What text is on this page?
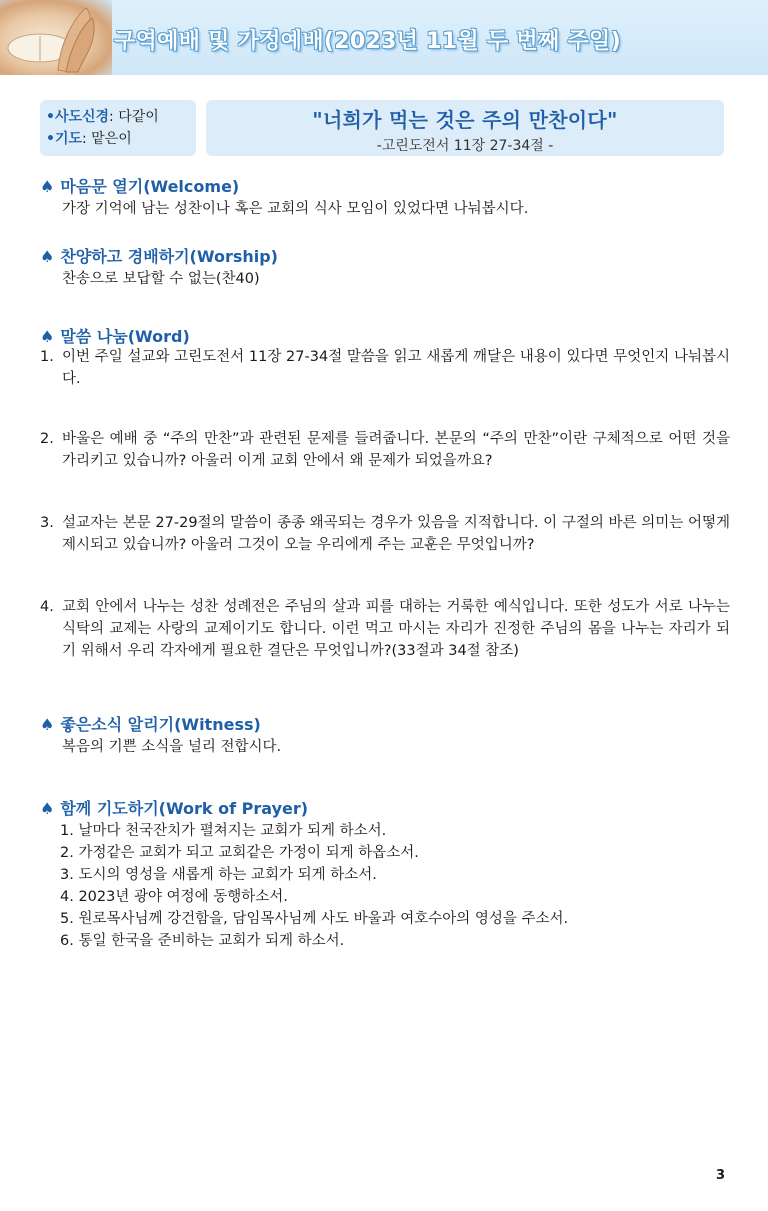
구역예배 및 가정예배(2023년 11월 두 번째 주일)
•사도신경: 다같이
•기도: 맡은이
"너희가 먹는 것은 주의 만찬이다"
-고린도전서 11장 27-34절 -
♠ 마음문 열기(Welcome)
가장 기억에 남는 성찬이나 혹은 교회의 식사 모임이 있었다면 나눠봅시다.
♠ 찬양하고 경배하기(Worship)
찬송으로 보답할 수 없는(찬40)
♠ 말씀 나눔(Word)
1. 이번 주일 설교와 고린도전서 11장 27-34절 말씀을 읽고 새롭게 깨달은 내용이 있다면 무엇인지 나눠봅시다.
2. 바울은 예배 중 “주의 만찬”과 관련된 문제를 들려줍니다. 본문의 “주의 만찬”이란 구체적으로 어떤 것을 가리키고 있습니까? 아울러 이게 교회 안에서 왜 문제가 되었을까요?
3. 설교자는 본문 27-29절의 말씀이 종종 왜곡되는 경우가 있음을 지적합니다. 이 구절의 바른 의미는 어떻게 제시되고 있습니까? 아울러 그것이 오늘 우리에게 주는 교훈은 무엇입니까?
4. 교회 안에서 나누는 성찬 성례전은 주님의 살과 피를 대하는 거룩한 예식입니다. 또한 성도가 서로 나누는 식탁의 교제는 사랑의 교제이기도 합니다. 이런 먹고 마시는 자리가 진정한 주님의 몸을 나누는 자리가 되기 위해서 우리 각자에게 필요한 결단은 무엇입니까?(33절과 34절 참조)
♠ 좋은소식 알리기(Witness)
복음의 기쁜 소식을 널리 전합시다.
♠ 함께 기도하기(Work of Prayer)
1. 날마다 천국잔치가 펼쳐지는 교회가 되게 하소서.
2. 가정같은 교회가 되고 교회같은 가정이 되게 하옵소서.
3. 도시의 영성을 새롭게 하는 교회가 되게 하소서.
4. 2023년 광야 여정에 동행하소서.
5. 원로목사님께 강건함을, 담임목사님께 사도 바울과 여호수아의 영성을 주소서.
6. 통일 한국을 준비하는 교회가 되게 하소서.
3
